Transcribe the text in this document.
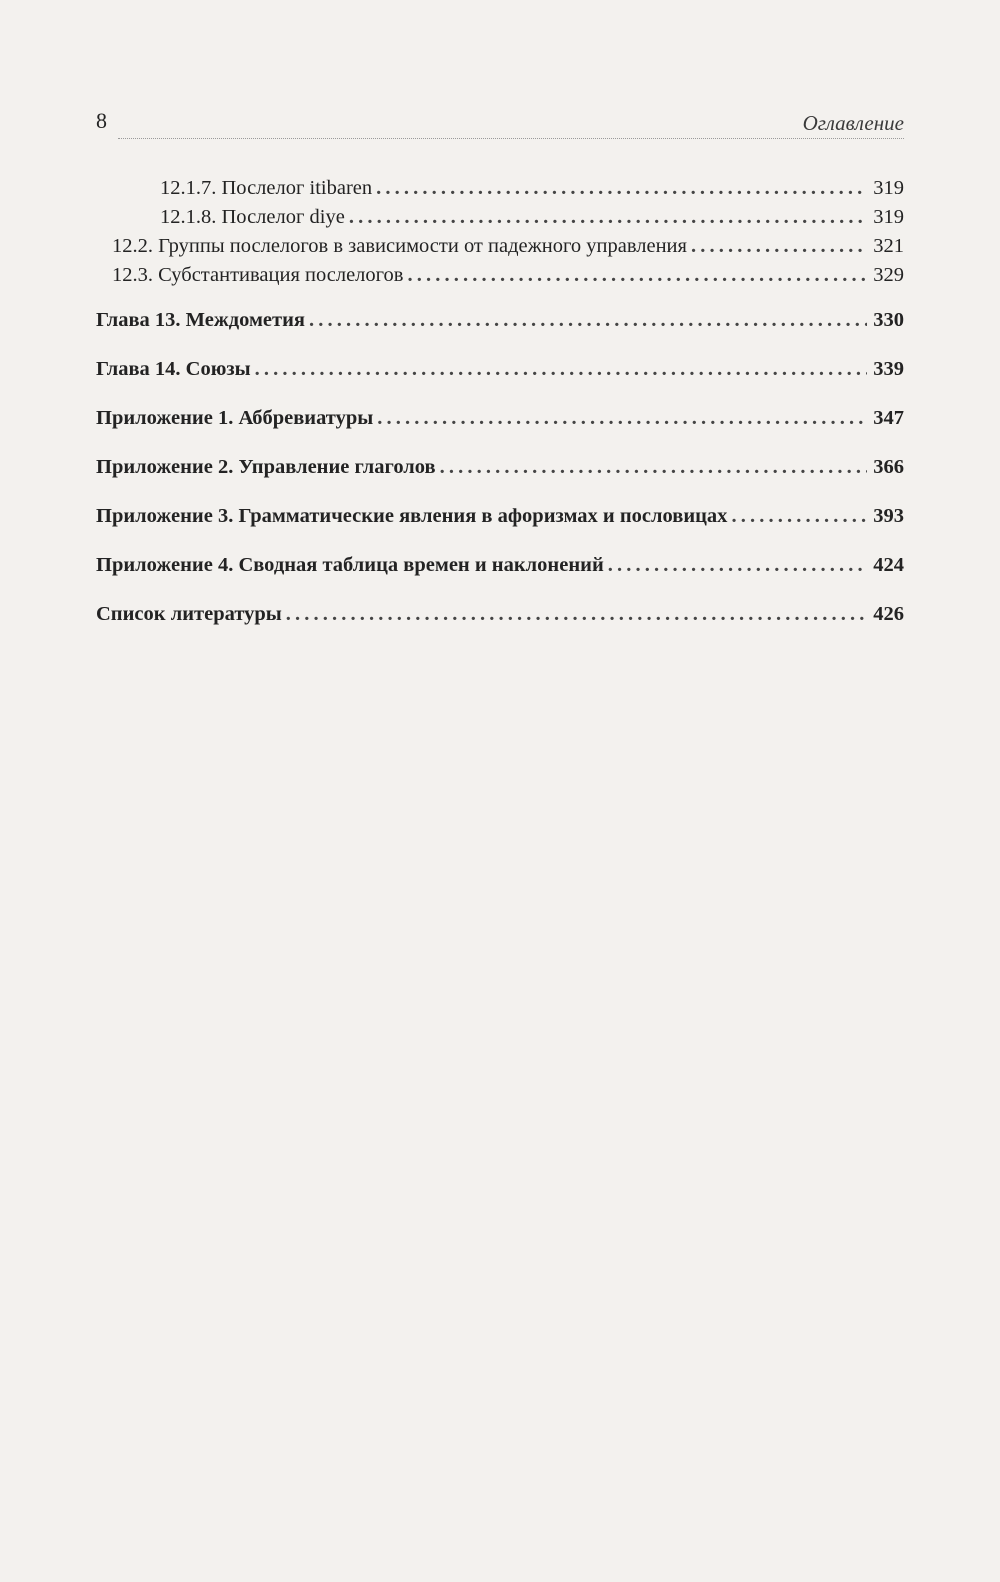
8	Оглавление
12.1.7. Послелог itibaren . . .	319
12.1.8. Послелог diye . . .	319
12.2. Группы послелогов в зависимости от падежного управления . . .	321
12.3. Субстантивация послелогов . . .	329
Глава 13. Междометия . . .	330
Глава 14. Союзы . . .	339
Приложение 1. Аббревиатуры . . .	347
Приложение 2. Управление глаголов . . .	366
Приложение 3. Грамматические явления в афоризмах и пословицах . . .	393
Приложение 4. Сводная таблица времен и наклонений . . .	424
Список литературы . . .	426
